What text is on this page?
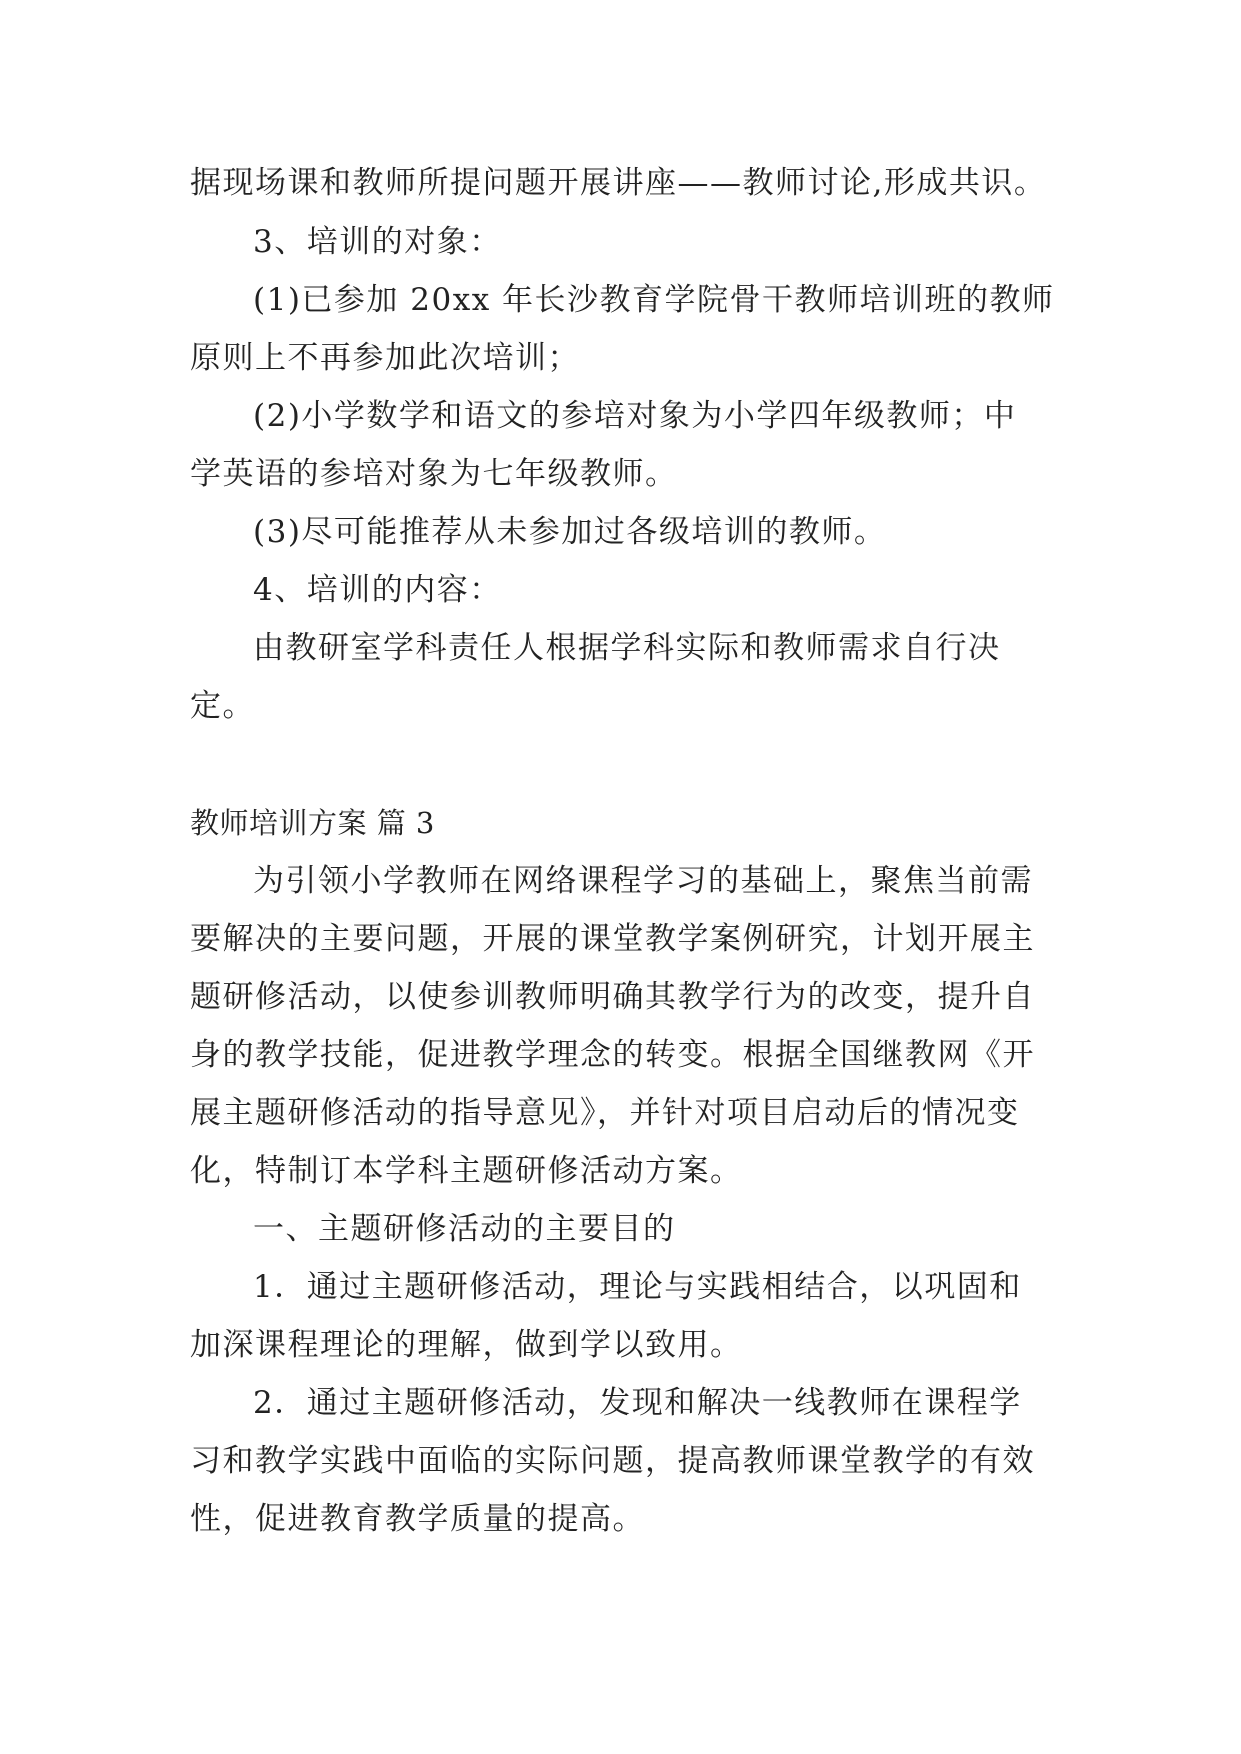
据现场课和教师所提问题开展讲座——教师讨论,形成共识。
3、培训的对象：
(1)已参加 20xx 年长沙教育学院骨干教师培训班的教师
原则上不再参加此次培训；
(2)小学数学和语文的参培对象为小学四年级教师；中
学英语的参培对象为七年级教师。
(3)尽可能推荐从未参加过各级培训的教师。
4、培训的内容：
由教研室学科责任人根据学科实际和教师需求自行决
定。
教师培训方案 篇 3
为引领小学教师在网络课程学习的基础上，聚焦当前需
要解决的主要问题，开展的课堂教学案例研究，计划开展主
题研修活动，以使参训教师明确其教学行为的改变，提升自
身的教学技能，促进教学理念的转变。根据全国继教网《开
展主题研修活动的指导意见》，并针对项目启动后的情况变
化，特制订本学科主题研修活动方案。
一、主题研修活动的主要目的
1．通过主题研修活动，理论与实践相结合，以巩固和
加深课程理论的理解，做到学以致用。
2．通过主题研修活动，发现和解决一线教师在课程学
习和教学实践中面临的实际问题，提高教师课堂教学的有效
性，促进教育教学质量的提高。
